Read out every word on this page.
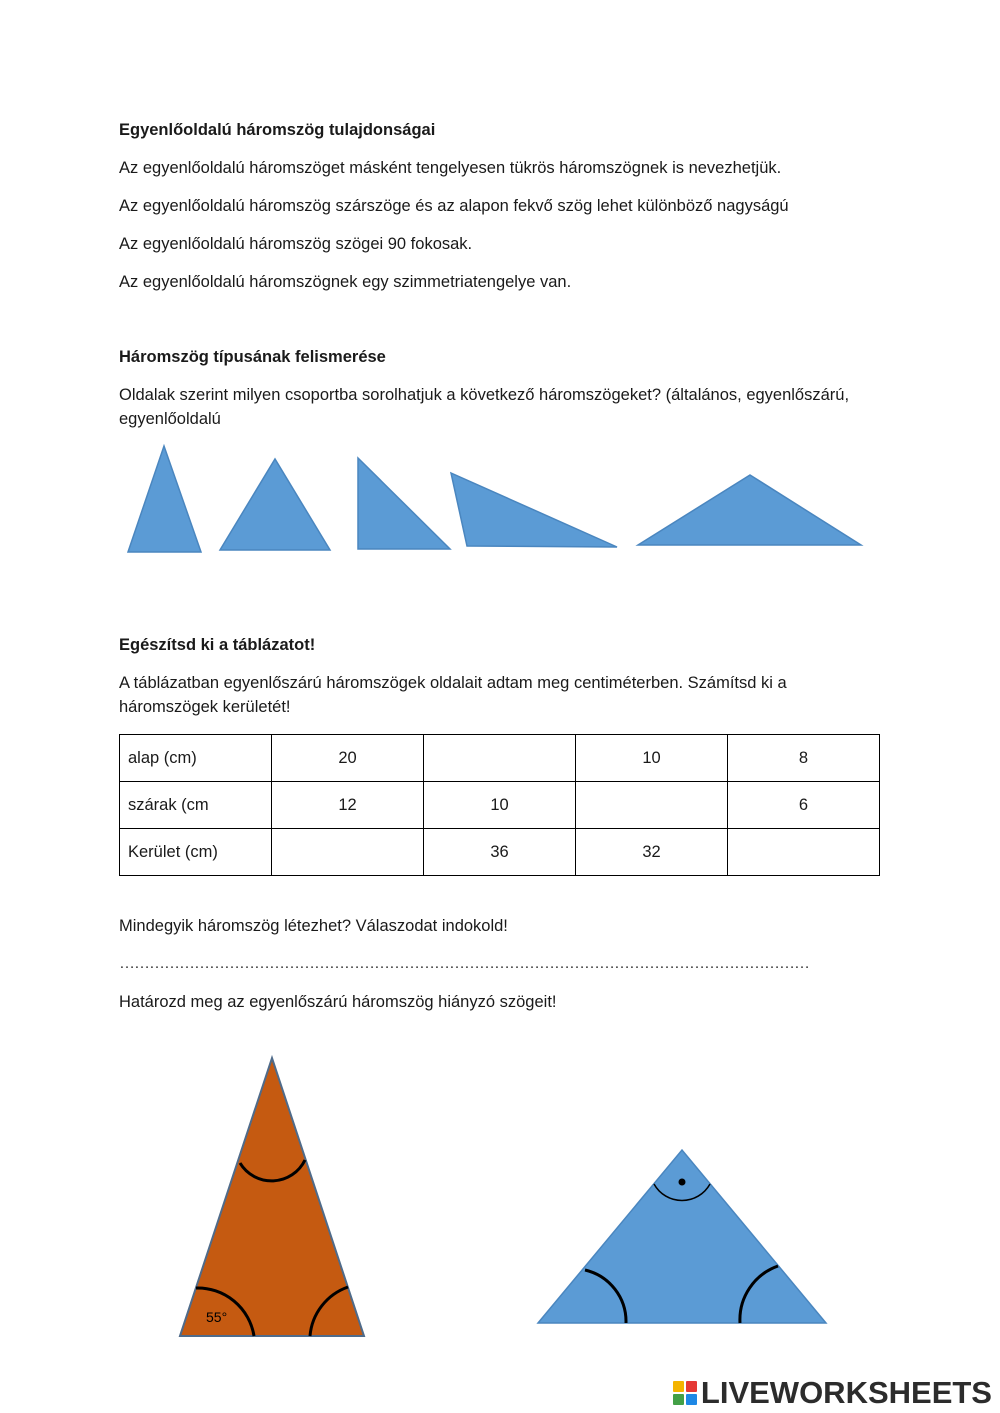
Egyenlőoldalú háromszög tulajdonságai

Az egyenlőoldalú háromszöget másként tengelyesen tükrös háromszögnek is nevezhetjük.

Az egyenlőoldalú háromszög szárszöge és az alapon fekvő szög lehet különböző nagyságú

Az egyenlőoldalú háromszög szögei 90 fokosak.

Az egyenlőoldalú háromszögnek egy szimmetriatengelye van.

Háromszög típusának felismerése

Oldalak szerint milyen csoportba sorolhatjuk a következő háromszögeket? (általános, egyenlőszárú, egyenlőoldalú

Egészítsd ki a táblázatot!

A táblázatban egyenlőszárú háromszögek oldalait adtam meg centiméterben. Számítsd ki a háromszögek kerületét!

alap (cm)	20		10	8
szárak (cm	12	10		6
Kerület (cm)		36	32	

Mindegyik háromszög létezhet? Válaszodat indokold!

…………………………………………………………………………………………………………………………

Határozd meg az egyenlőszárú háromszög hiányzó szögeit!

55°
LIVEWORKSHEETS
